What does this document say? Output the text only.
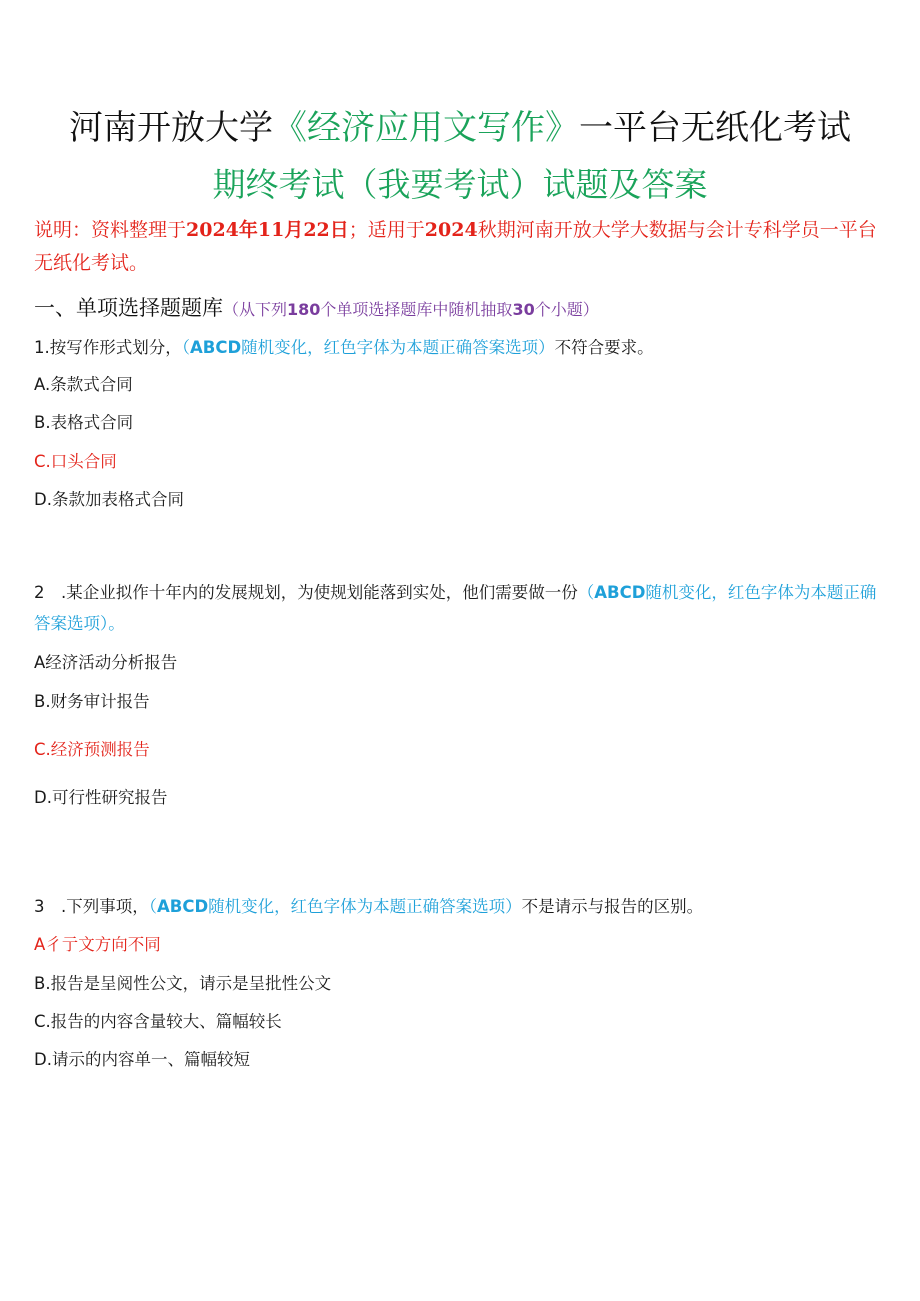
河南开放大学《经济应用文写作》一平台无纸化考试
期终考试（我要考试）试题及答案
说明：资料整理于2024年11月22日；适用于2024秋期河南开放大学大数据与会计专科学员一平台无纸化考试。
一、单项选择题题库（从下列180个单项选择题库中随机抽取30个小题）
1.按写作形式划分，（ABCD随机变化，红色字体为本题正确答案选项）不符合要求。
A.条款式合同
B.表格式合同
C.口头合同
D.条款加表格式合同
2　.某企业拟作十年内的发展规划，为使规划能落到实处，他们需要做一份（ABCD随机变化，红色字体为本题正确答案选项）。
A经济活动分析报告
B.财务审计报告
C.经济预测报告
D.可行性研究报告
3　.下列事项，（ABCD随机变化，红色字体为本题正确答案选项）不是请示与报告的区别。
A彳亍文方向不同
B.报告是呈阅性公文，请示是呈批性公文
C.报告的内容含量较大、篇幅较长
D.请示的内容单一、篇幅较短
